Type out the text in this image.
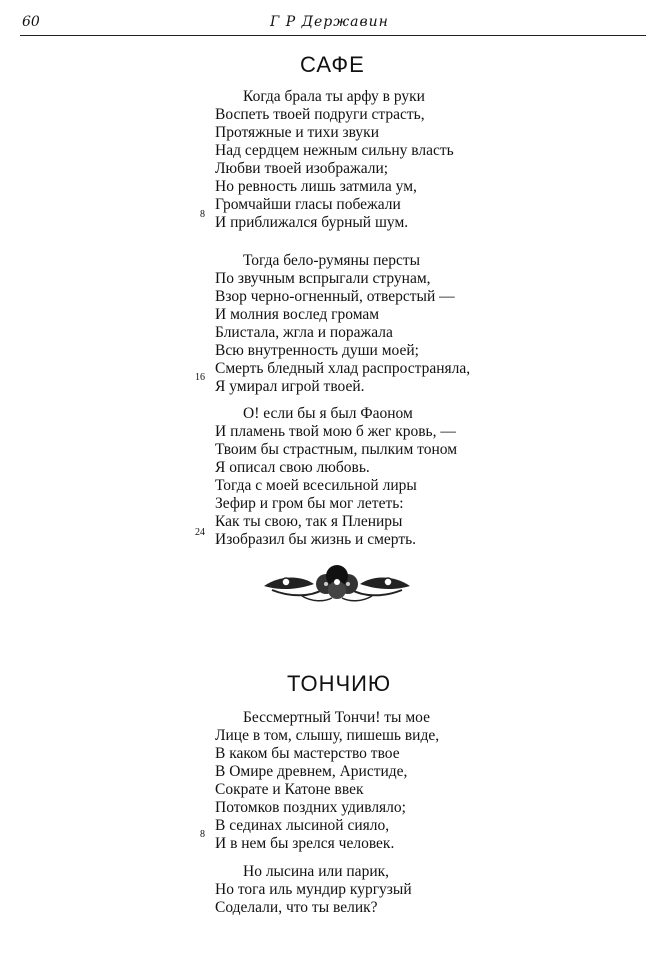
60	Г Р Державин
САФЕ
Когда брала ты арфу в руки
Воспеть твоей подруги страсть,
Протяжные и тихи звуки
Над сердцем нежным сильну власть
Любви твоей изображали;
Но ревность лишь затмила ум,
Громчайши гласы побежали
И приближался бурный шум.
8
Тогда бело-румяны персты
По звучным вспрыгали струнам,
Взор черно-огненный, отверстый —
И молния вослед громам
Блистала, жгла и поражала
Всю внутренность души моей;
Смерть бледный хлад распространяла,
Я умирал игрой твоей.
16
О! если бы я был Фаоном
И пламень твой мою б жег кровь, —
Твоим бы страстным, пылким тоном
Я описал свою любовь.
Тогда с моей всесильной лиры
Зефир и гром бы мог лететь:
Как ты свою, так я Плениры
Изобразил бы жизнь и смерть.
24
ТОНЧИЮ
Бессмертный Тончи! ты мое
Лице в том, слышу, пишешь виде,
В каком бы мастерство твое
В Омире древнем, Аристиде,
Сократе и Катоне ввек
Потомков поздних удивляло;
В сединах лысиной сияло,
И в нем бы зрелся человек.
8
Но лысина или парик,
Но тога иль мундир кургузый
Соделали, что ты велик?
